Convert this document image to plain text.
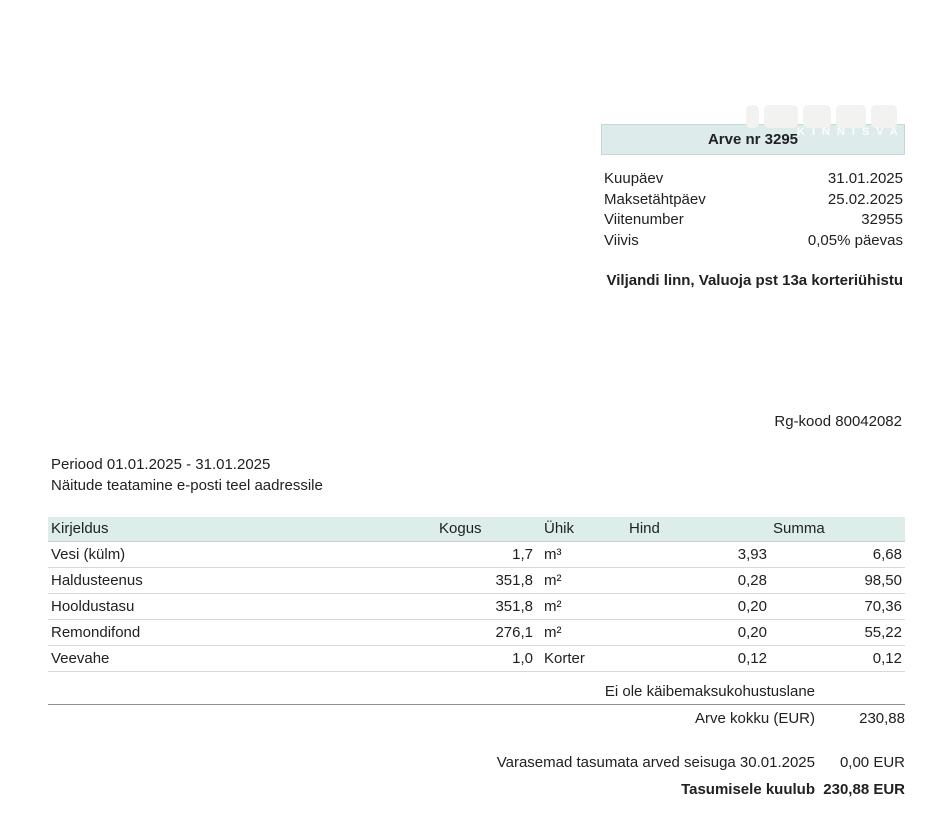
KINNISVARA
Arve nr 3295
Kuupäev	31.01.2025
Maksetähtpäev	25.02.2025
Viitenumber	32955
Viivis	0,05% päevas
Viljandi linn, Valuoja pst 13a korteriühistu
Rg-kood 80042082
Periood 01.01.2025 - 31.01.2025
Näitude teatamine e-posti teel aadressile
Kirjeldus	Kogus	Ühik	Hind	Summa
Vesi (külm)	1,7	m³	3,93	6,68
Haldusteenus	351,8	m²	0,28	98,50
Hooldustasu	351,8	m²	0,20	70,36
Remondifond	276,1	m²	0,20	55,22
Veevahe	1,0	Korter	0,12	0,12
Ei ole käibemaksukohustuslane
Arve kokku (EUR)	230,88
Varasemad tasumata arved seisuga 30.01.2025	0,00 EUR
Tasumisele kuulub 230,88 EUR
